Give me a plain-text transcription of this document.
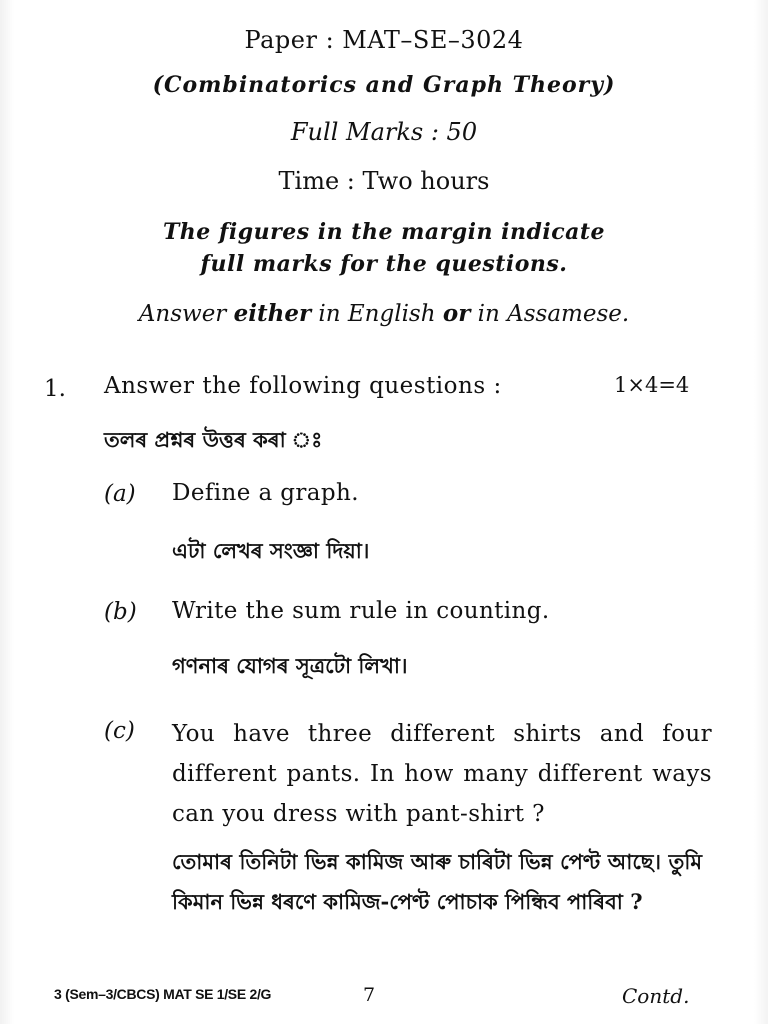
Paper : MAT–SE–3024
(Combinatorics and Graph Theory)
Full Marks : 50
Time : Two hours
The figures in the margin indicate
full marks for the questions.
Answer either in English or in Assamese.
1. Answer the following questions :	1×4=4
তলৰ প্ৰশ্নৰ উত্তৰ কৰা ঃ
(a) Define a graph.
এটা লেখৰ সংজ্ঞা দিয়া।
(b) Write the sum rule in counting.
গণনাৰ যোগৰ সূত্ৰটো লিখা।
(c) You have three different shirts and four different pants. In how many different ways can you dress with pant-shirt ?
তোমাৰ তিনিটা ভিন্ন কামিজ আৰু চাৰিটা ভিন্ন পেণ্ট আছে। তুমি কিমান ভিন্ন ধৰণে কামিজ-পেণ্ট পোচাক পিন্ধিব পাৰিবা ?
3 (Sem–3/CBCS) MAT SE 1/SE 2/G	7	Contd.
